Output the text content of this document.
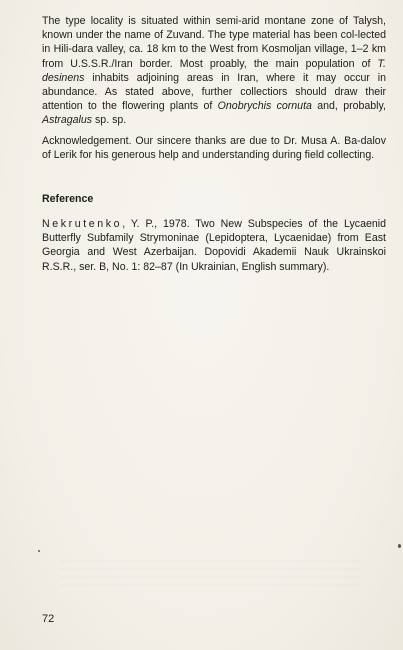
The type locality is situated within semi-arid montane zone of Talysh, known under the name of Zuvand. The type material has been col-lected in Hili-dara valley, ca. 18 km to the West from Kosmoljan village, 1–2 km from U.S.S.R./Iran border. Most proably, the main population of T. desinens inhabits adjoining areas in Iran, where it may occur in abundance. As stated above, further collectiors should draw their attention to the flowering plants of Onobrychis cornuta and, probably, Astragalus sp. sp.

Acknowledgement. Our sincere thanks are due to Dr. Musa A. Ba-dalov of Lerik for his generous help and understanding during field collecting.

Reference

Nekrutenko, Y. P., 1978. Two New Subspecies of the Lycaenid Butterfly Subfamily Strymoninae (Lepidoptera, Lycaenidae) from East Georgia and West Azerbaijan. Dopovidi Akademii Nauk Ukrainskoi R.S.R., ser. B, No. 1: 82–87 (In Ukrainian, English summary).

72
